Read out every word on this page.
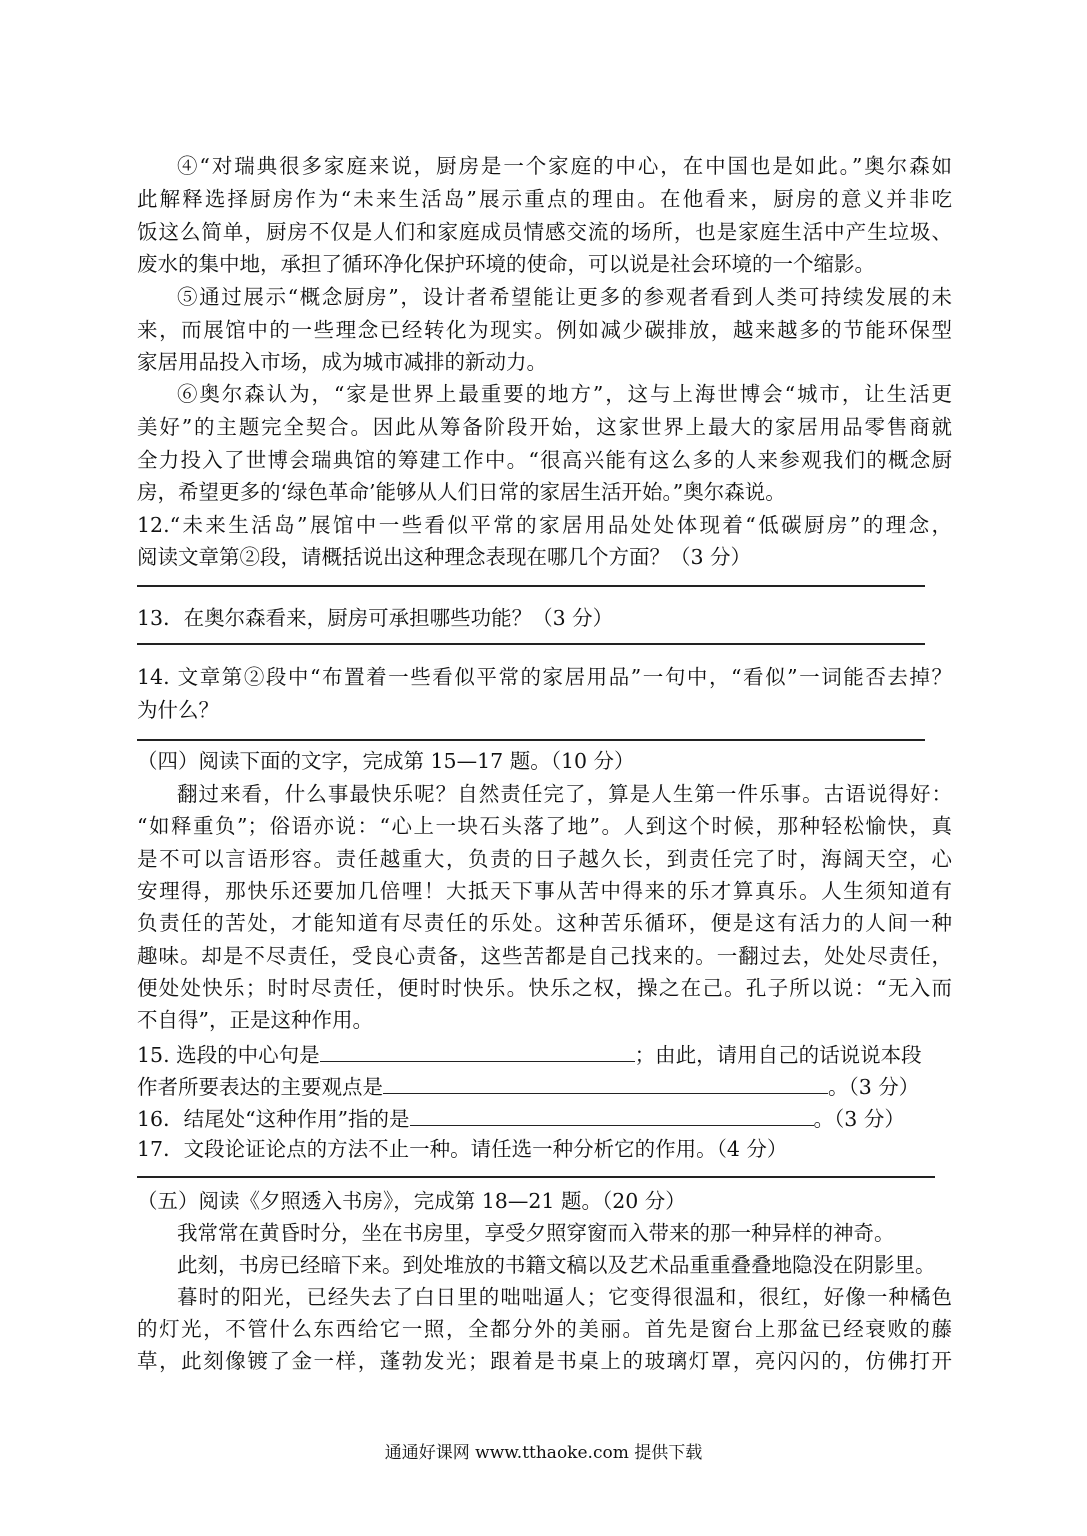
④“对瑞典很多家庭来说，厨房是一个家庭的中心，在中国也是如此。”奥尔森如
此解释选择厨房作为“未来生活岛”展示重点的理由。在他看来，厨房的意义并非吃
饭这么简单，厨房不仅是人们和家庭成员情感交流的场所，也是家庭生活中产生垃圾、
废水的集中地，承担了循环净化保护环境的使命，可以说是社会环境的一个缩影。
⑤通过展示“概念厨房”，设计者希望能让更多的参观者看到人类可持续发展的未
来，而展馆中的一些理念已经转化为现实。例如减少碳排放，越来越多的节能环保型
家居用品投入市场，成为城市减排的新动力。
⑥奥尔森认为，“家是世界上最重要的地方”，这与上海世博会“城市，让生活更
美好”的主题完全契合。因此从筹备阶段开始，这家世界上最大的家居用品零售商就
全力投入了世博会瑞典馆的筹建工作中。“很高兴能有这么多的人来参观我们的概念厨
房，希望更多的‘绿色革命’能够从人们日常的家居生活开始。”奥尔森说。
12.“未来生活岛”展馆中一些看似平常的家居用品处处体现着“低碳厨房”的理念，
阅读文章第②段，请概括说出这种理念表现在哪几个方面？（3 分）
13．在奥尔森看来，厨房可承担哪些功能？（3 分）
14. 文章第②段中“布置着一些看似平常的家居用品”一句中，“看似”一词能否去掉？
为什么？
（四）阅读下面的文字，完成第 15—17 题。（10 分）
翻过来看，什么事最快乐呢？自然责任完了，算是人生第一件乐事。古语说得好：
“如释重负”；俗语亦说：“心上一块石头落了地”。人到这个时候，那种轻松愉快，真
是不可以言语形容。责任越重大，负责的日子越久长，到责任完了时，海阔天空，心
安理得，那快乐还要加几倍哩！大抵天下事从苦中得来的乐才算真乐。人生须知道有
负责任的苦处，才能知道有尽责任的乐处。这种苦乐循环，便是这有活力的人间一种
趣味。却是不尽责任，受良心责备，这些苦都是自己找来的。一翻过去，处处尽责任，
便处处快乐；时时尽责任，便时时快乐。快乐之权，操之在己。孔子所以说：“无入而
不自得”，正是这种作用。
15. 选段的中心句是	；由此，请用自己的话说说本段
作者所要表达的主要观点是	。（3 分）
16．结尾处“这种作用”指的是	。（3 分）
17．文段论证论点的方法不止一种。请任选一种分析它的作用。（4 分）
（五）阅读《夕照透入书房》，完成第 18—21 题。（20 分）
我常常在黄昏时分，坐在书房里，享受夕照穿窗而入带来的那一种异样的神奇。
此刻，书房已经暗下来。到处堆放的书籍文稿以及艺术品重重叠叠地隐没在阴影里。
暮时的阳光，已经失去了白日里的咄咄逼人；它变得很温和，很红，好像一种橘色
的灯光，不管什么东西给它一照，全都分外的美丽。首先是窗台上那盆已经衰败的藤
草，此刻像镀了金一样，蓬勃发光；跟着是书桌上的玻璃灯罩，亮闪闪的，仿佛打开
通通好课网 www.tthaoke.com 提供下载
